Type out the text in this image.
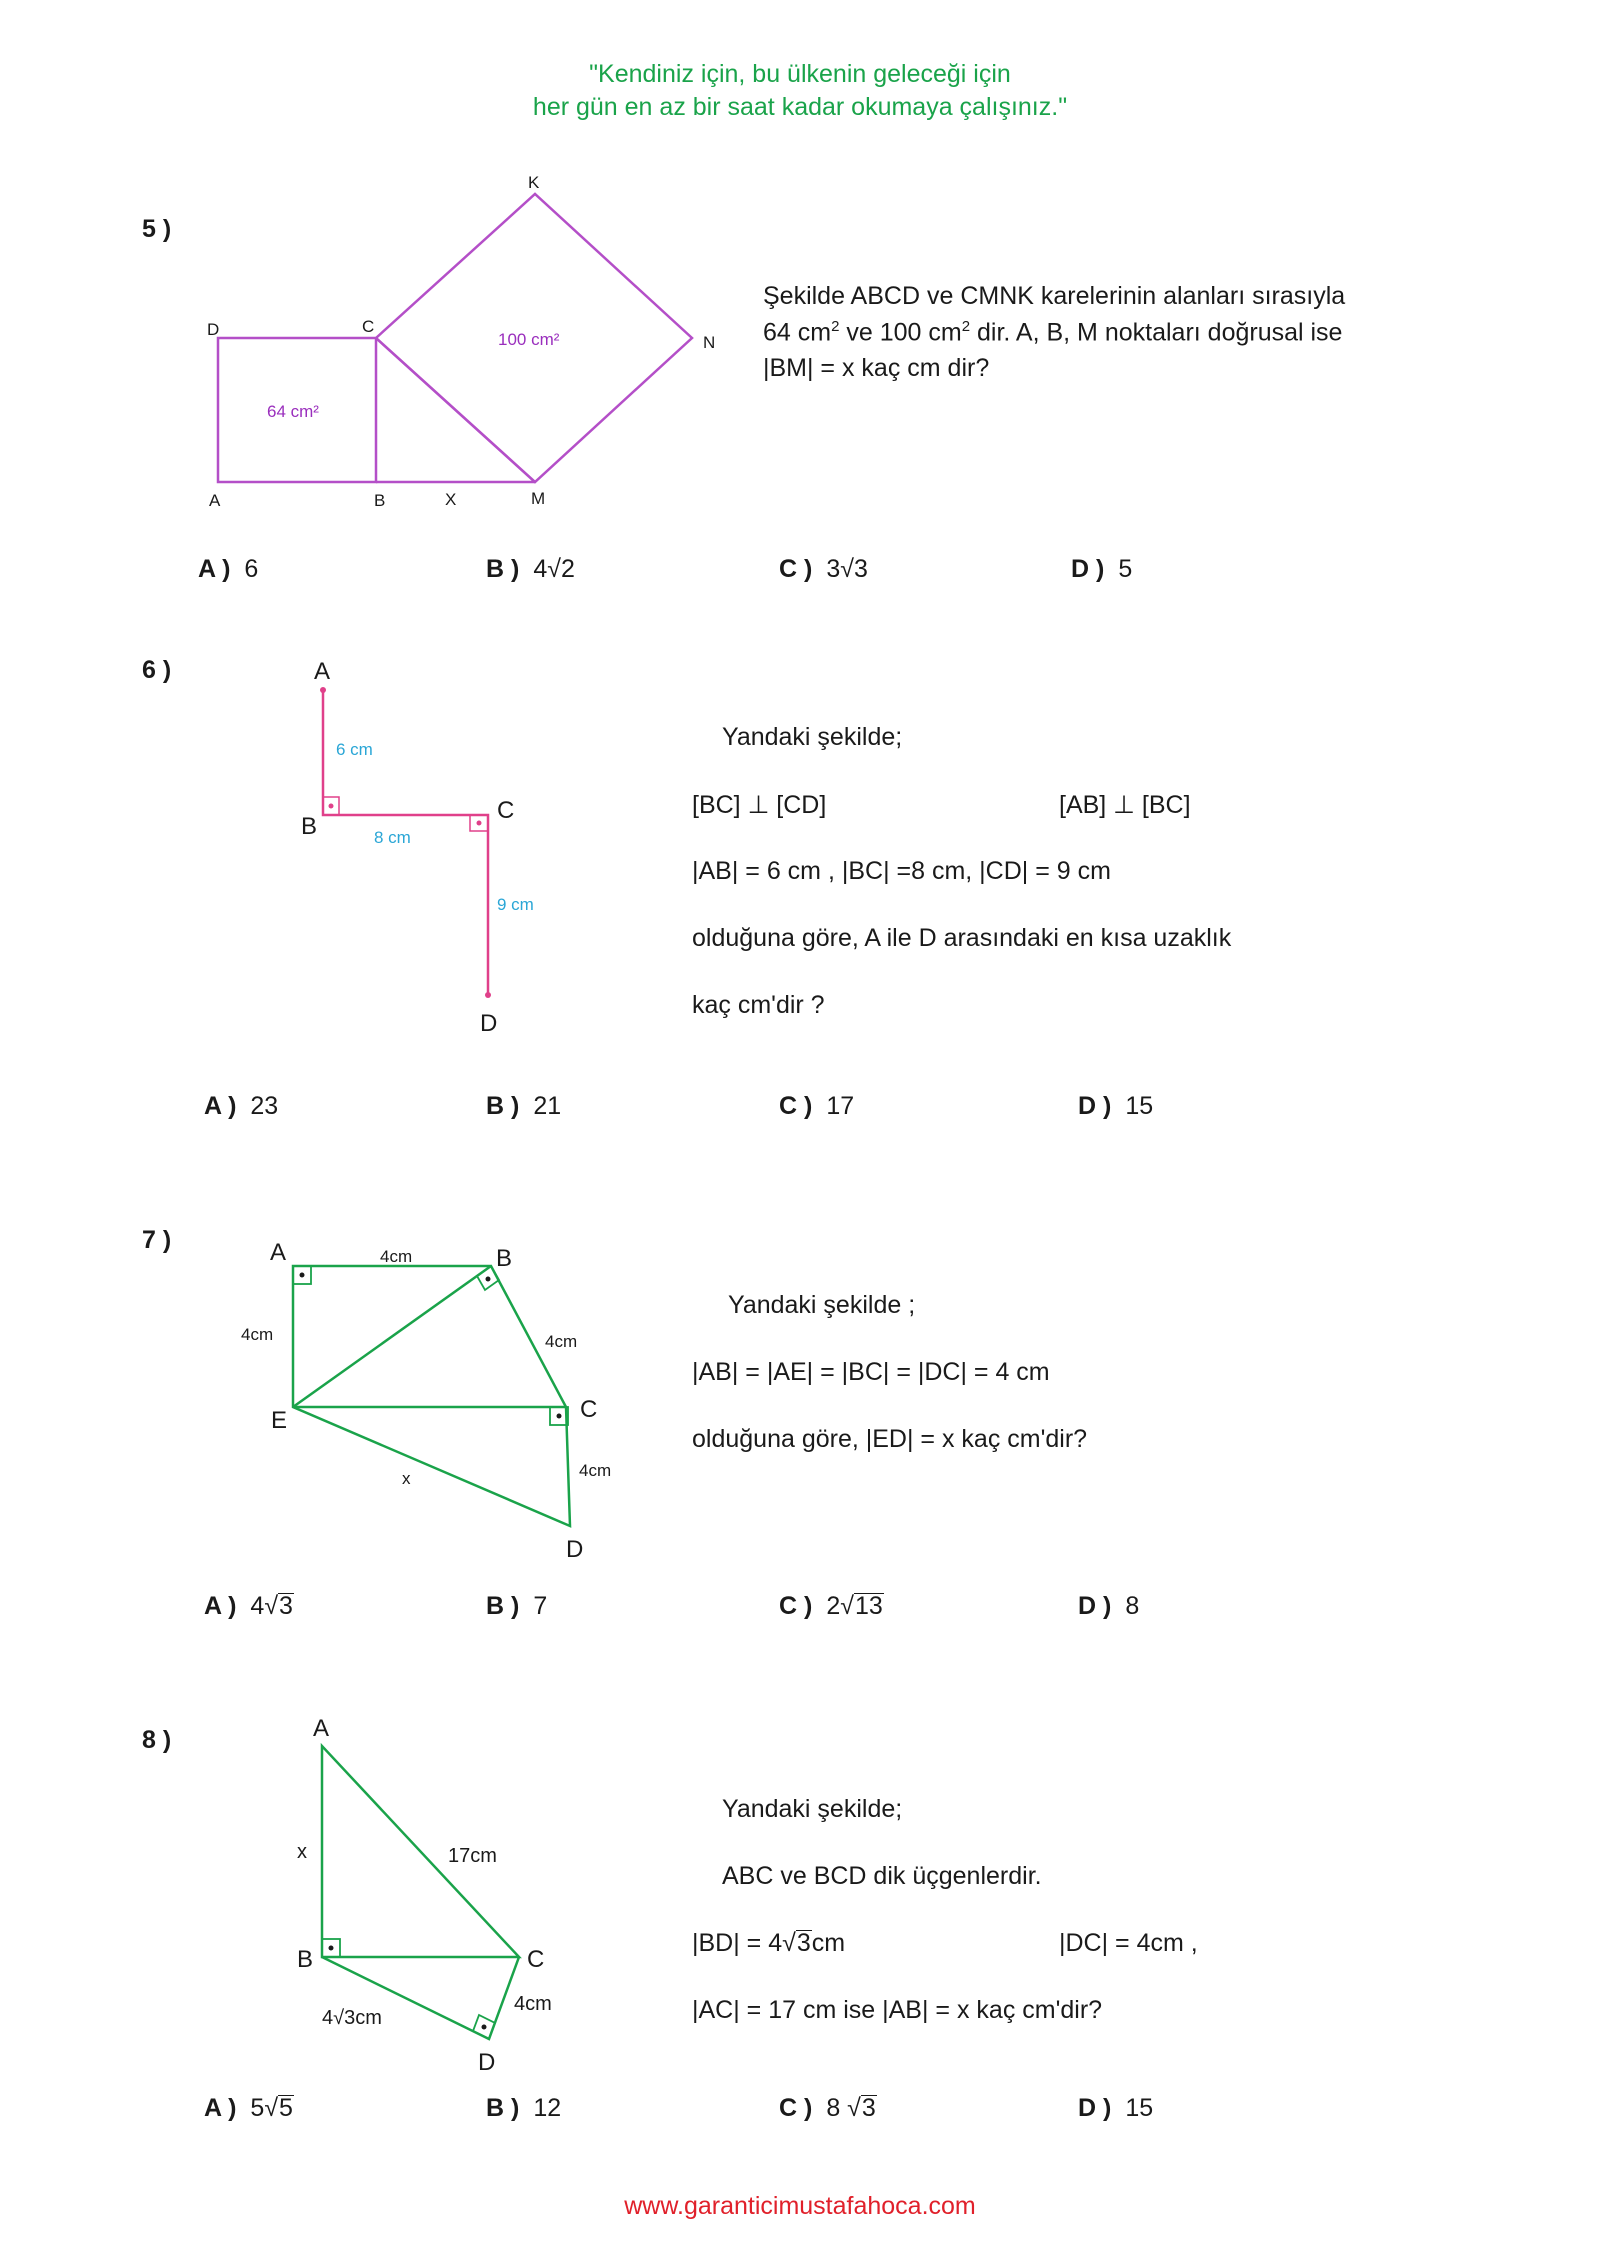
"Kendiniz için, bu ülkenin geleceği için
her gün en az bir saat kadar okumaya çalışınız."
5 )
K
D	C
N
A	B	X	M
64 cm²
100 cm²
Şekilde ABCD ve CMNK karelerinin alanları sırasıyla
64 $cm^2$ ve 100 $cm^2$ dir. A, B, M noktaları doğrusal ise
|BM| = x kaç cm dir?
A ) 6	B ) 4√2	C ) 3√3	D ) 5
6 )	A
B
C
D
6 cm
8 cm
9 cm
Yandaki şekilde;
[BC] ⊥ [CD]	[AB] ⊥ [BC]
|AB| = 6 cm , |BC| =8 cm, |CD| = 9 cm
olduğuna göre, A ile D arasındaki en kısa uzaklık
kaç cm'dir ?
A ) 23	B ) 21	C ) 17	D ) 15
7 )	A	B
C
E
D
4cm
4cm	4cm
4cm
x
Yandaki şekilde ;
|AB| = |AE| = |BC| = |DC| = 4 cm
olduğuna göre, |ED| = x kaç cm'dir?
A ) 4√3	B ) 7	C ) 2√13	D ) 8
8 )	A
B	C
D
x	17cm
4√3cm
4cm
Yandaki şekilde;
ABC ve BCD dik üçgenlerdir.
|BD| = 4√3cm	|DC| = 4cm ,
|AC| = 17 cm ise |AB| = x kaç cm'dir?
A ) 5√5	B ) 12	C ) 8 √3	D ) 15
www.garanticimustafahoca.com
